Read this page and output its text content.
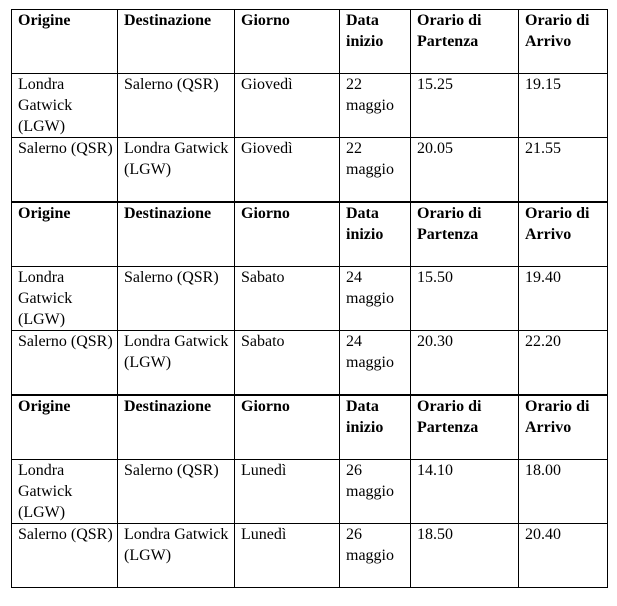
Origine	Destinazione	Giorno	Data inizio	Orario di Partenza	Orario di Arrivo
Londra Gatwick (LGW)	Salerno (QSR)	Giovedì	22 maggio	15.25	19.15
Salerno (QSR)	Londra Gatwick (LGW)	Giovedì	22 maggio	20.05	21.55
Origine	Destinazione	Giorno	Data inizio	Orario di Partenza	Orario di Arrivo
Londra Gatwick (LGW)	Salerno (QSR)	Sabato	24 maggio	15.50	19.40
Salerno (QSR)	Londra Gatwick (LGW)	Sabato	24 maggio	20.30	22.20
Origine	Destinazione	Giorno	Data inizio	Orario di Partenza	Orario di Arrivo
Londra Gatwick (LGW)	Salerno (QSR)	Lunedì	26 maggio	14.10	18.00
Salerno (QSR)	Londra Gatwick (LGW)	Lunedì	26 maggio	18.50	20.40
